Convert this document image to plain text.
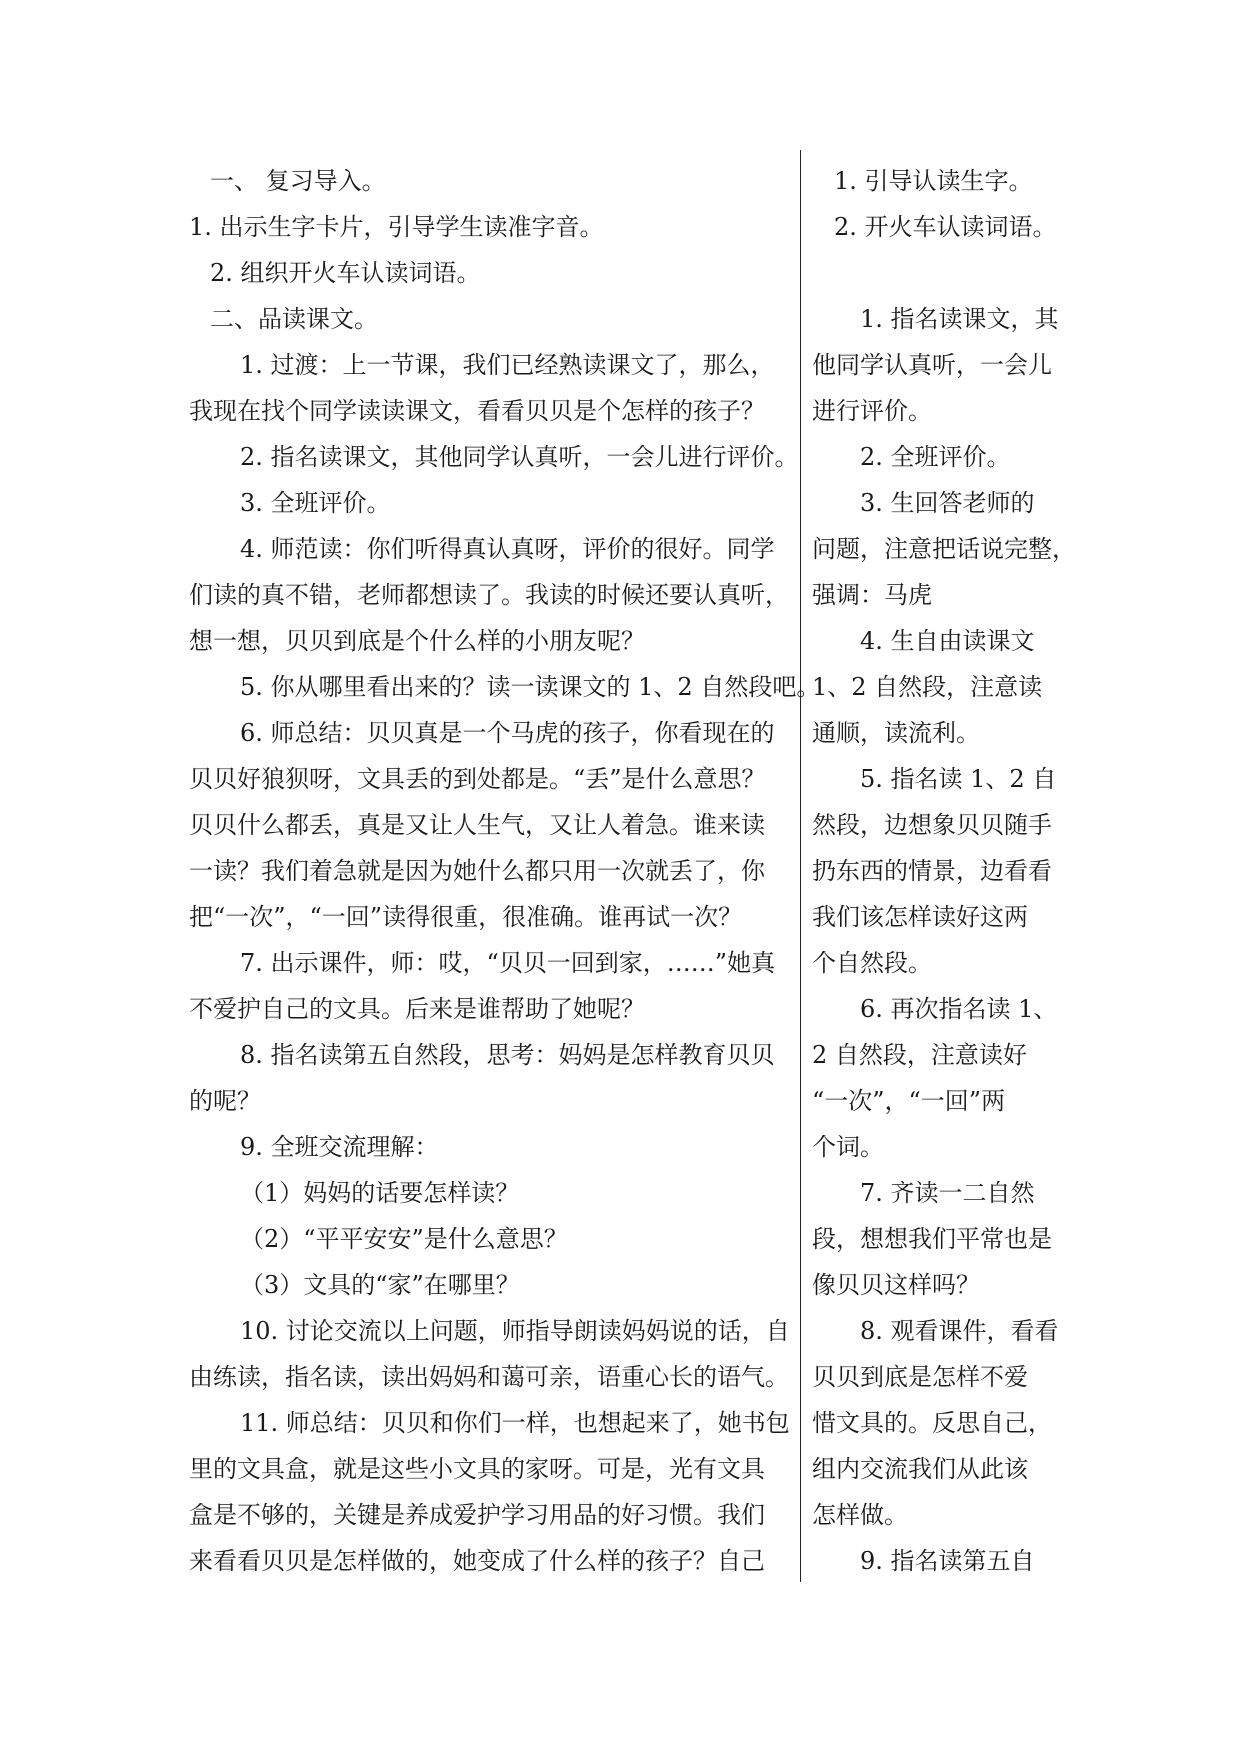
一、 复习导入。
1. 出示生字卡片，引导学生读准字音。
2. 组织开火车认读词语。
二、品读课文。
1. 过渡：上一节课，我们已经熟读课文了，那么，
我现在找个同学读读课文，看看贝贝是个怎样的孩子？
2. 指名读课文，其他同学认真听，一会儿进行评价。
3. 全班评价。
4. 师范读：你们听得真认真呀，评价的很好。同学
们读的真不错，老师都想读了。我读的时候还要认真听，
想一想，贝贝到底是个什么样的小朋友呢？
5. 你从哪里看出来的？读一读课文的 1、2 自然段吧。
6. 师总结：贝贝真是一个马虎的孩子，你看现在的
贝贝好狼狈呀，文具丢的到处都是。“丢”是什么意思？
贝贝什么都丢，真是又让人生气，又让人着急。谁来读
一读？我们着急就是因为她什么都只用一次就丢了，你
把“一次”，“一回”读得很重，很准确。谁再试一次？
7. 出示课件，师：哎，“贝贝一回到家，……”她真
不爱护自己的文具。后来是谁帮助了她呢？
8. 指名读第五自然段，思考：妈妈是怎样教育贝贝
的呢？
9. 全班交流理解：
（1）妈妈的话要怎样读？
（2）“平平安安”是什么意思？
（3）文具的“家”在哪里？
10. 讨论交流以上问题，师指导朗读妈妈说的话，自
由练读，指名读，读出妈妈和蔼可亲，语重心长的语气。
11. 师总结：贝贝和你们一样，也想起来了，她书包
里的文具盒，就是这些小文具的家呀。可是，光有文具
盒是不够的，关键是养成爱护学习用品的好习惯。我们
来看看贝贝是怎样做的，她变成了什么样的孩子？自己
1. 引导认读生字。
2. 开火车认读词语。
1. 指名读课文，其
他同学认真听，一会儿
进行评价。
2. 全班评价。
3. 生回答老师的
问题，注意把话说完整，
强调：马虎
4. 生自由读课文
1、2 自然段，注意读
通顺，读流利。
5. 指名读 1、2 自
然段，边想象贝贝随手
扔东西的情景，边看看
我们该怎样读好这两
个自然段。
6. 再次指名读 1、
2 自然段，注意读好
“一次”，“一回”两
个词。
7. 齐读一二自然
段，想想我们平常也是
像贝贝这样吗？
8. 观看课件，看看
贝贝到底是怎样不爱
惜文具的。反思自己，
组内交流我们从此该
怎样做。
9. 指名读第五自
